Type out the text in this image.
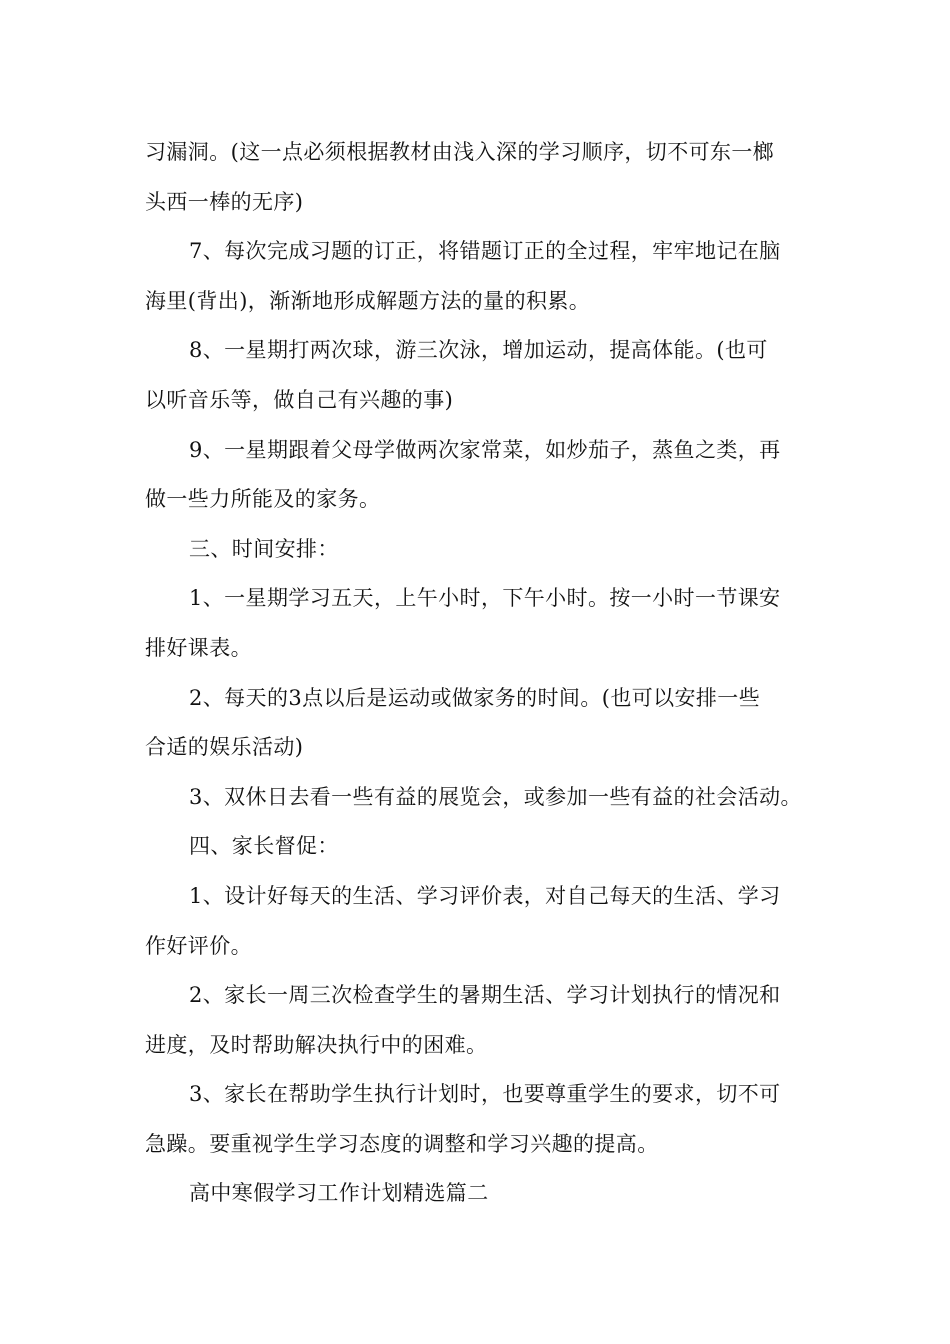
习漏洞。(这一点必须根据教材由浅入深的学习顺序，切不可东一榔
头西一棒的无序)
7、每次完成习题的订正，将错题订正的全过程，牢牢地记在脑
海里(背出)，渐渐地形成解题方法的量的积累。
8、一星期打两次球，游三次泳，增加运动，提高体能。(也可
以听音乐等，做自己有兴趣的事)
9、一星期跟着父母学做两次家常菜，如炒茄子，蒸鱼之类，再
做一些力所能及的家务。
三、时间安排：
1、一星期学习五天，上午小时，下午小时。按一小时一节课安
排好课表。
2、每天的3点以后是运动或做家务的时间。(也可以安排一些
合适的娱乐活动)
3、双休日去看一些有益的展览会，或参加一些有益的社会活动。
四、家长督促：
1、设计好每天的生活、学习评价表，对自己每天的生活、学习
作好评价。
2、家长一周三次检查学生的暑期生活、学习计划执行的情况和
进度，及时帮助解决执行中的困难。
3、家长在帮助学生执行计划时，也要尊重学生的要求，切不可
急躁。要重视学生学习态度的调整和学习兴趣的提高。
高中寒假学习工作计划精选篇二
